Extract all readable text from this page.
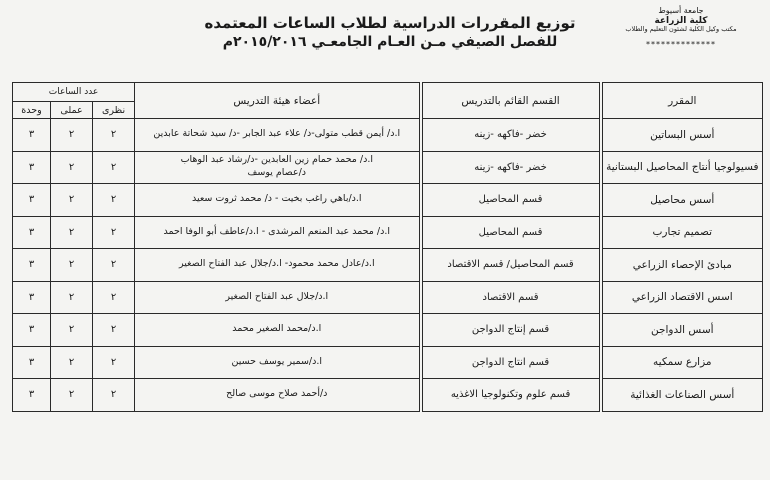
جامعة أسيوط
كلية الزراعة
مكتب وكيل الكلية لشئون التعليم والطلاب
**************
توزيع المقررات الدراسية لطلاب الساعات المعتمده
للفصل الصيفي مـن العـام الجامعـي ٢٠١٥/٢٠١٦م
المقرر	القسم القائم بالتدريس	أعضاء هيئة التدريس	عدد الساعات		
			نظرى	عملى	وحدة

أسس البساتين	خضر -فاكهه -زينه	ا.د/ أيمن قطب متولى-د/ علاء عبد الجابر -د/ سيد شحاتة عابدين	٢	٢	٣
فسيولوجيا أنتاج المحاصيل البستانية	خضر -فاكهه -زينه	ا.د/ محمد حمام زين العابدين -د/رشاد عبد الوهاب
د/عصام يوسف	٢	٢	٣
أسس محاصيل	قسم المحاصيل	ا.د/باهي راغب بخيت - د/ محمد ثروت سعيد	٢	٢	٣
تصميم تجارب	قسم المحاصيل	ا.د/ محمد عبد المنعم المرشدى - ا.د/عاطف أبو الوفا احمد	٢	٢	٣
مبادئ الإحصاء الزراعي	قسم المحاصيل/ قسم الاقتصاد	ا.د/عادل محمد محمود- ا.د/جلال عبد الفتاح الصغير	٢	٢	٣
اسس الاقتصاد الزراعي	قسم الاقتصاد	ا.د/جلال عبد الفتاح الصغير	٢	٢	٣
أسس الدواجن	قسم إنتاج الدواجن	ا.د/محمد الصغير محمد	٢	٢	٣
مزارع سمكيه	قسم انتاج الدواجن	ا.د/سمير يوسف حسين	٢	٢	٣
أسس الصناعات الغذائية	قسم علوم وتكنولوجيا الاغذيه	د/أحمد صلاح موسى صالح	٢	٢	٣
